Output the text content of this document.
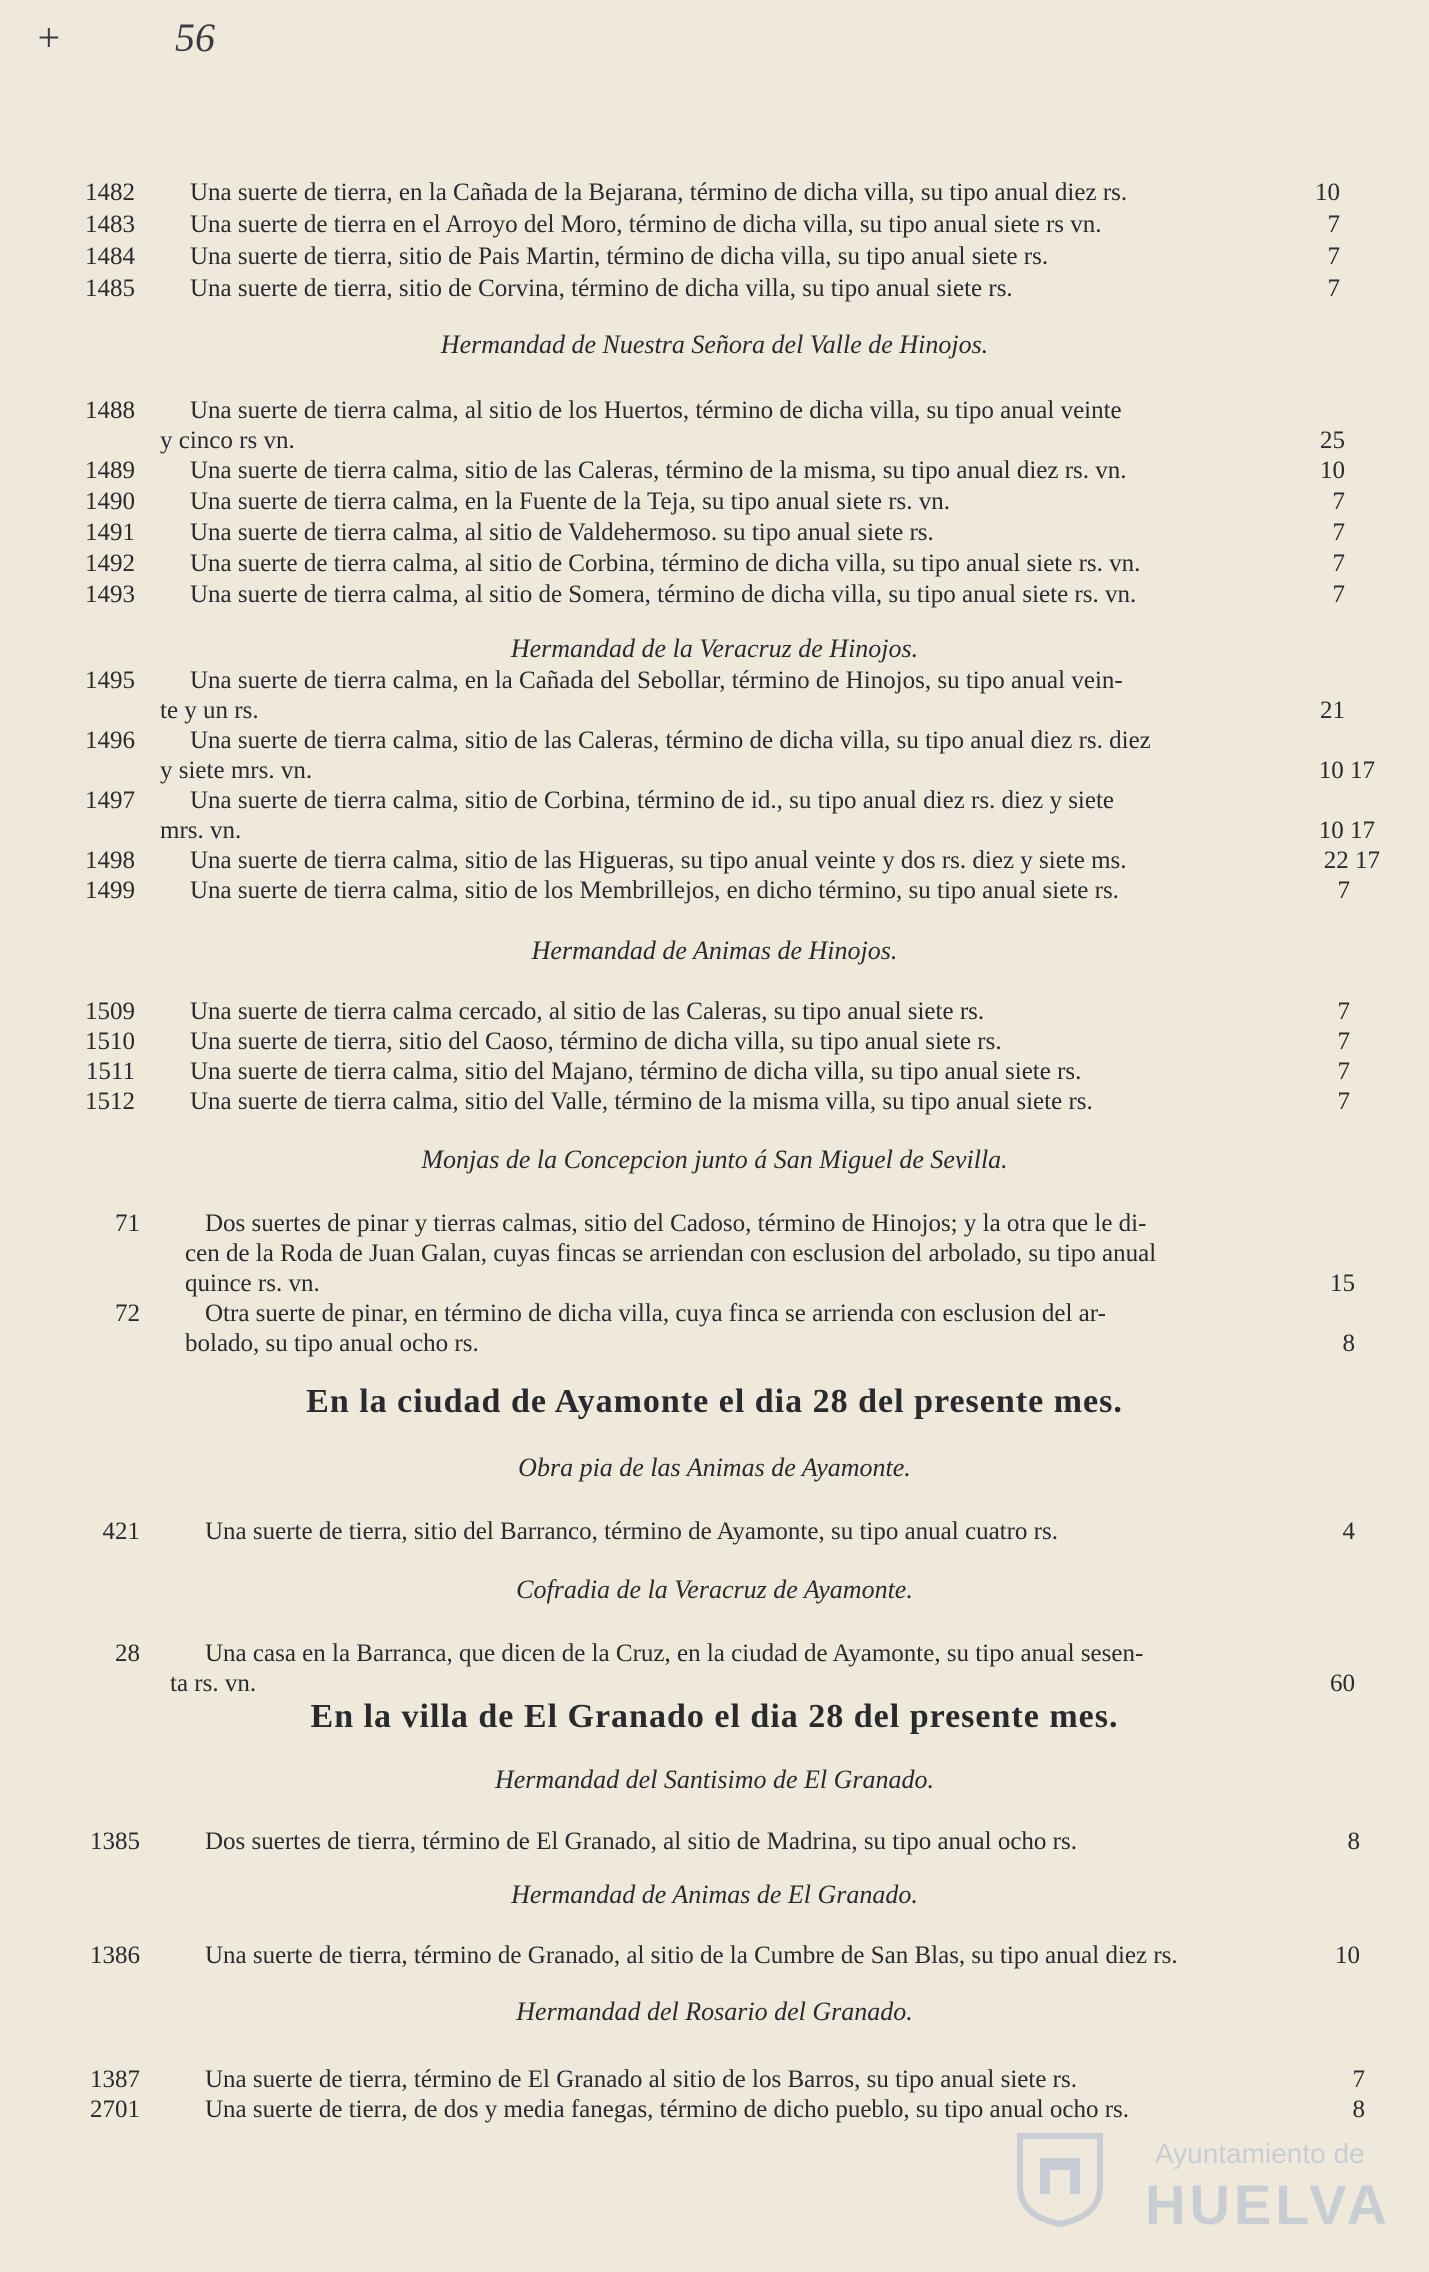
+	56
1482 Una suerte de tierra, en la Cañada de la Bejarana, término de dicha villa, su tipo anual diez rs.	10
1483 Una suerte de tierra en el Arroyo del Moro, término de dicha villa, su tipo anual siete rs vn.	7
1484 Una suerte de tierra, sitio de Pais Martin, término de dicha villa, su tipo anual siete rs.	7
1485 Una suerte de tierra, sitio de Corvina, término de dicha villa, su tipo anual siete rs.	7
Hermandad de Nuestra Señora del Valle de Hinojos.
1488 Una suerte de tierra calma, al sitio de los Huertos, término de dicha villa, su tipo anual veinte
y cinco rs vn.	25
1489 Una suerte de tierra calma, sitio de las Caleras, término de la misma, su tipo anual diez rs. vn.	10
1490 Una suerte de tierra calma, en la Fuente de la Teja, su tipo anual siete rs. vn.	7
1491 Una suerte de tierra calma, al sitio de Valdehermoso. su tipo anual siete rs.	7
1492 Una suerte de tierra calma, al sitio de Corbina, término de dicha villa, su tipo anual siete rs. vn.	7
1493 Una suerte de tierra calma, al sitio de Somera, término de dicha villa, su tipo anual siete rs. vn.	7
Hermandad de la Veracruz de Hinojos.
1495 Una suerte de tierra calma, en la Cañada del Sebollar, término de Hinojos, su tipo anual vein-
te y un rs.	21
1496 Una suerte de tierra calma, sitio de las Caleras, término de dicha villa, su tipo anual diez rs. diez
y siete mrs. vn.	10 17
1497 Una suerte de tierra calma, sitio de Corbina, término de id., su tipo anual diez rs. diez y siete
mrs. vn.	10 17
1498 Una suerte de tierra calma, sitio de las Higueras, su tipo anual veinte y dos rs. diez y siete ms.	22 17
1499 Una suerte de tierra calma, sitio de los Membrillejos, en dicho término, su tipo anual siete rs.	7
Hermandad de Animas de Hinojos.
1509 Una suerte de tierra calma cercado, al sitio de las Caleras, su tipo anual siete rs.	7
1510 Una suerte de tierra, sitio del Caoso, término de dicha villa, su tipo anual siete rs.	7
1511 Una suerte de tierra calma, sitio del Majano, término de dicha villa, su tipo anual siete rs.	7
1512 Una suerte de tierra calma, sitio del Valle, término de la misma villa, su tipo anual siete rs.	7
Monjas de la Concepcion junto á San Miguel de Sevilla.
71	Dos suertes de pinar y tierras calmas, sitio del Cadoso, término de Hinojos; y la otra que le di-
cen de la Roda de Juan Galan, cuyas fincas se arriendan con esclusion del arbolado, su tipo anual
quince rs. vn.	15
72	Otra suerte de pinar, en término de dicha villa, cuya finca se arrienda con esclusion del ar-
bolado, su tipo anual ocho rs.	8
En la ciudad de Ayamonte el dia 28 del presente mes.
Obra pia de las Animas de Ayamonte.
421	Una suerte de tierra, sitio del Barranco, término de Ayamonte, su tipo anual cuatro rs.	4
Cofradia de la Veracruz de Ayamonte.
28	Una casa en la Barranca, que dicen de la Cruz, en la ciudad de Ayamonte, su tipo anual sesen-
ta rs. vn.	60
En la villa de El Granado el dia 28 del presente mes.
Hermandad del Santisimo de El Granado.
1385	Dos suertes de tierra, término de El Granado, al sitio de Madrina, su tipo anual ocho rs.	8
Hermandad de Animas de El Granado.
1386	Una suerte de tierra, término de Granado, al sitio de la Cumbre de San Blas, su tipo anual diez rs.	10
Hermandad del Rosario del Granado.
1387	Una suerte de tierra, término de El Granado al sitio de los Barros, su tipo anual siete rs.	7
2701	Una suerte de tierra, de dos y media fanegas, término de dicho pueblo, su tipo anual ocho rs.	8
Ayuntamiento de
HUELVA
